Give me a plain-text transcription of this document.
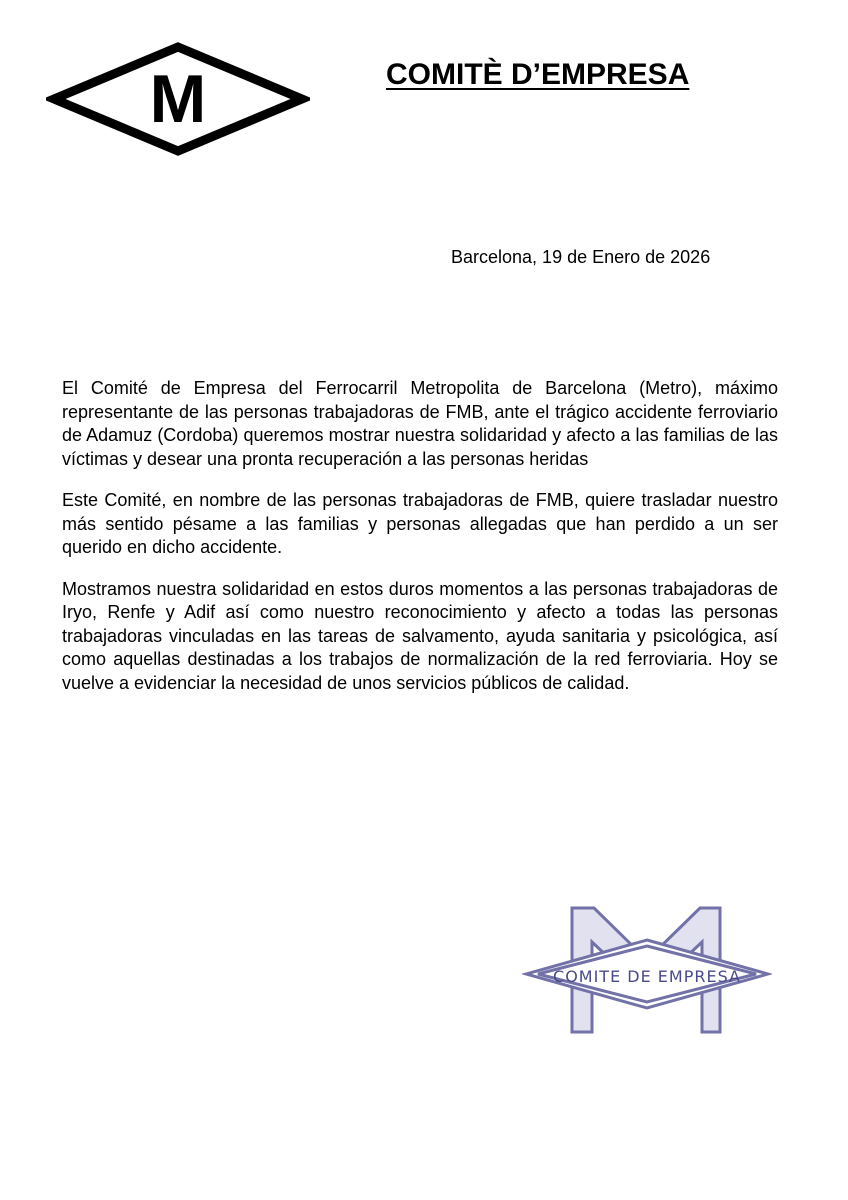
M	COMITÈ D’EMPRESA

Barcelona, 19 de Enero de 2026

El Comité de Empresa del Ferrocarril Metropolita de Barcelona (Metro), máximo representante de las personas trabajadoras de FMB, ante el trágico accidente ferroviario de Adamuz (Cordoba) queremos mostrar nuestra solidaridad y afecto a las familias de las víctimas y desear una pronta recuperación a las personas heridas

Este Comité, en nombre de las personas trabajadoras de FMB, quiere trasladar nuestro más sentido pésame a las familias y personas allegadas que han perdido a un ser querido en dicho accidente.

Mostramos nuestra solidaridad en estos duros momentos a las personas trabajadoras de Iryo, Renfe y Adif así como nuestro reconocimiento y afecto a todas las personas trabajadoras vinculadas en las tareas de salvamento, ayuda sanitaria y psicológica, así como aquellas destinadas a los trabajos de normalización de la red ferroviaria. Hoy se vuelve a evidenciar la necesidad de unos servicios públicos de calidad.

COMITE DE EMPRESA
